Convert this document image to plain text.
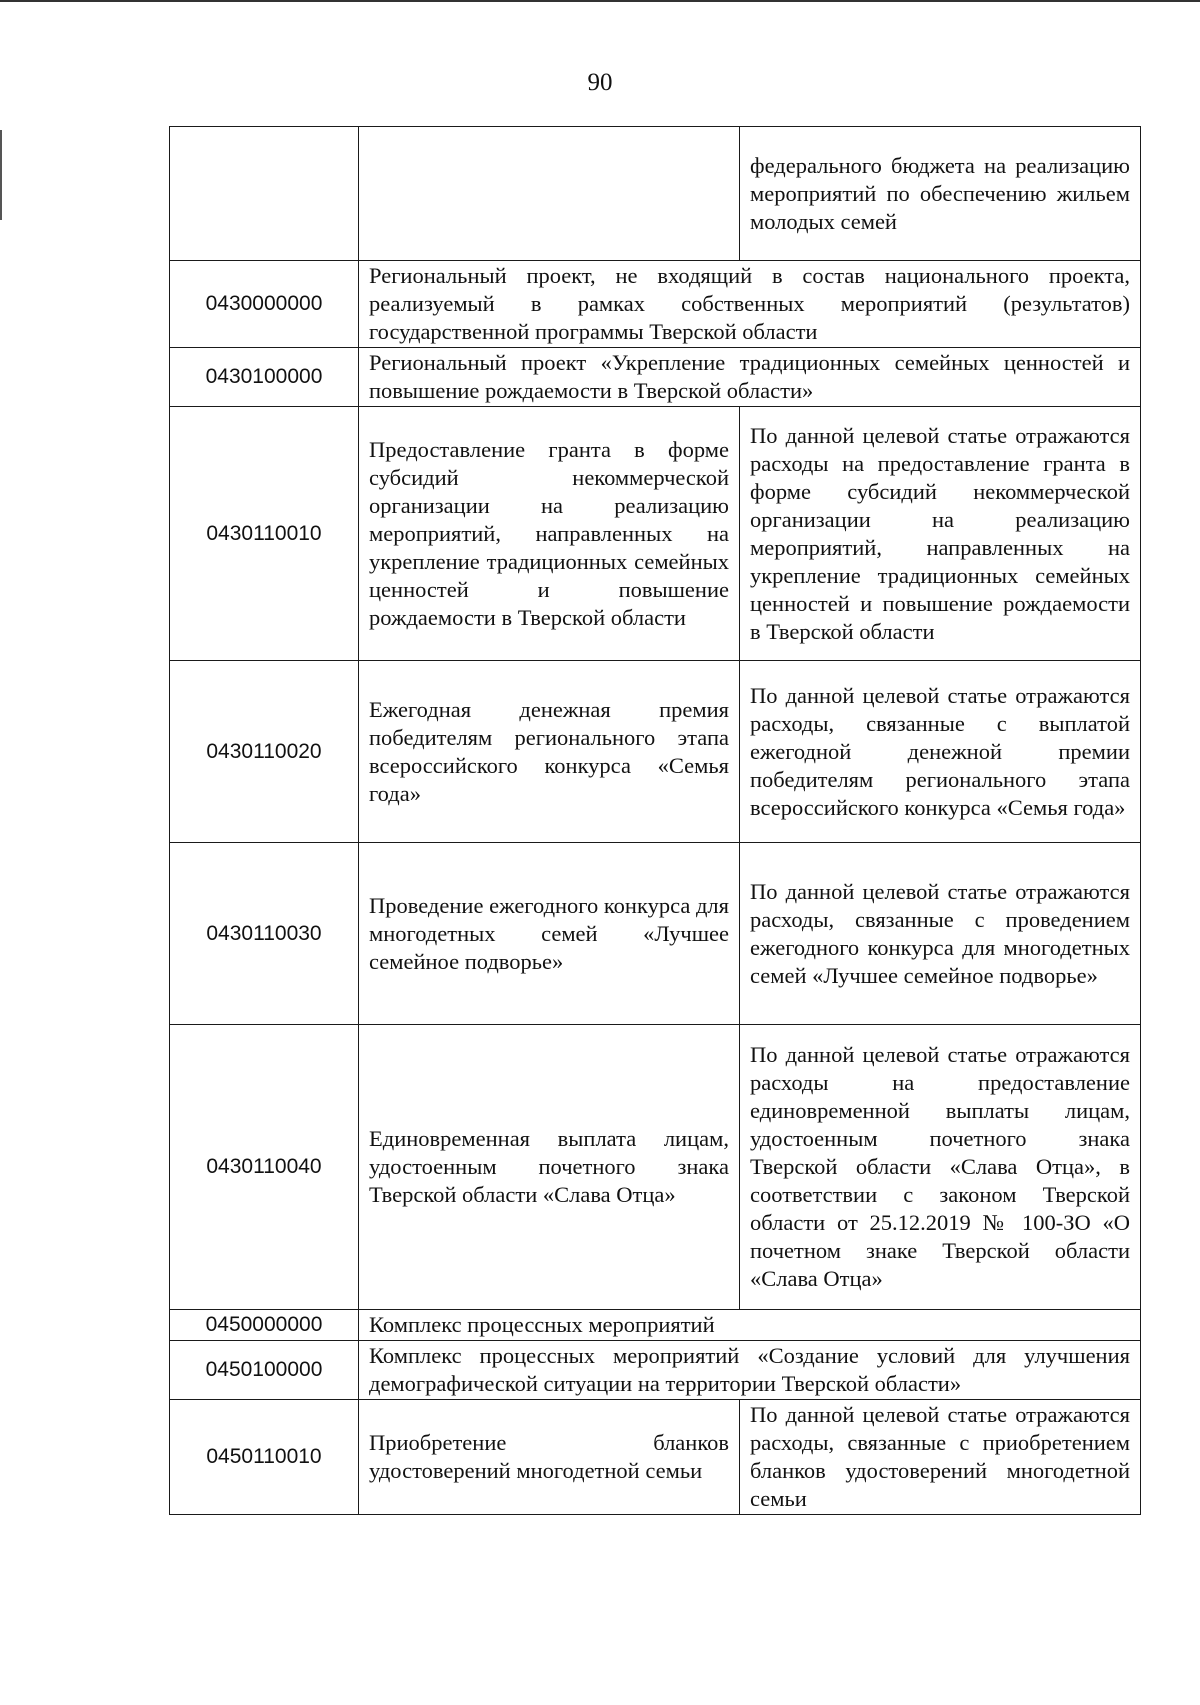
90
		федерального бюджета на реализацию мероприятий по обеспечению жильем молодых семей
0430000000	Региональный проект, не входящий в состав национального проекта, реализуемый в рамках собственных мероприятий (результатов) государственной программы Тверской области	
0430100000	Региональный проект «Укрепление традиционных семейных ценностей и повышение рождаемости в Тверской области»	
0430110010	Предоставление гранта в форме субсидий некоммерческой организации на реализацию мероприятий, направленных на укрепление традиционных семейных ценностей и повышение рождаемости в Тверской области	По данной целевой статье отражаются расходы на предоставление гранта в форме субсидий некоммерческой организации на реализацию мероприятий, направленных на укрепление традиционных семейных ценностей и повышение рождаемости в Тверской области
0430110020	Ежегодная денежная премия победителям регионального этапа всероссийского конкурса «Семья года»	По данной целевой статье отражаются расходы, связанные с выплатой ежегодной денежной премии победителям регионального этапа всероссийского конкурса «Семья года»
0430110030	Проведение ежегодного конкурса для многодетных семей «Лучшее семейное подворье»	По данной целевой статье отражаются расходы, связанные с проведением ежегодного конкурса для многодетных семей «Лучшее семейное подворье»
0430110040	Единовременная выплата лицам, удостоенным почетного знака Тверской области «Слава Отца»	По данной целевой статье отражаются расходы на предоставление единовременной выплаты лицам, удостоенным почетного знака Тверской области «Слава Отца», в соответствии с законом Тверской области от 25.12.2019 № 100-ЗО «О почетном знаке Тверской области «Слава Отца»
0450000000	Комплекс процессных мероприятий	
0450100000	Комплекс процессных мероприятий «Создание условий для улучшения демографической ситуации на территории Тверской области»	
0450110010	Приобретение бланков удостоверений многодетной семьи	По данной целевой статье отражаются расходы, связанные с приобретением бланков удостоверений многодетной семьи
